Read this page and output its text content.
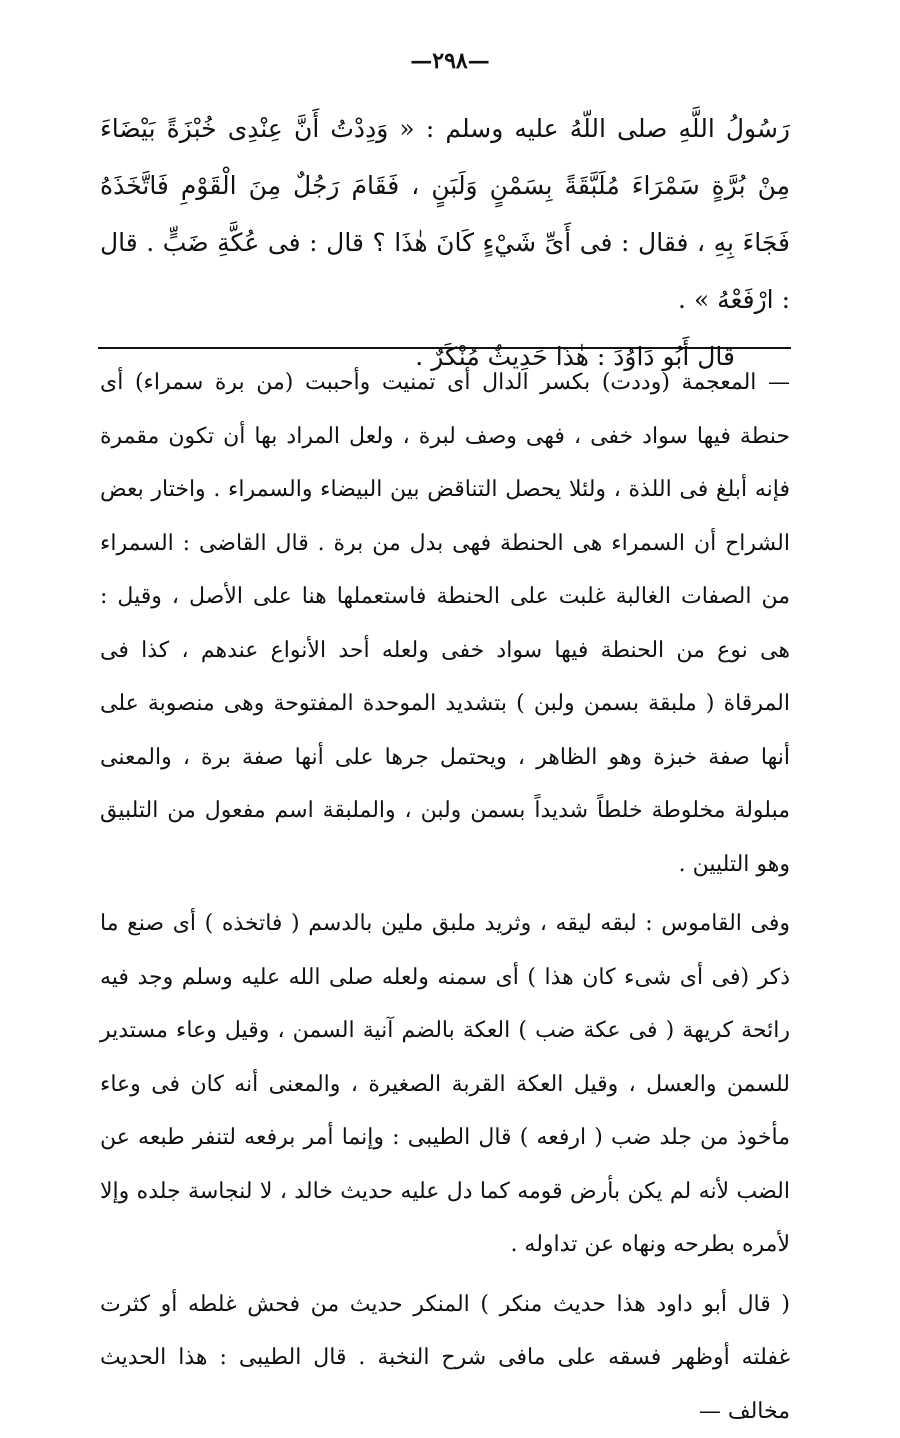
—٢٩٨—

رَسُولُ اللَّهِ صلى اللّهُ عليه وسلم : « وَدِدْتُ أَنَّ عِنْدِى خُبْزَةً بَيْضَاءَ مِنْ بُرَّةٍ سَمْرَاءَ مُلَبَّقَةً بِسَمْنٍ وَلَبَنٍ ، فَقَامَ رَجُلٌ مِنَ الْقَوْمِ فَاتَّخَذَهُ فَجَاءَ بِهِ ، فقال : فى أَىِّ شَيْءٍ كَانَ هٰذَا ؟ قال : فى عُكَّةِ ضَبٍّ . قال : ارْفَعْهُ » .

قال أَبُو دَاوُدَ : هٰذَا حَدِيثٌ مُنْكَرٌ .

— المعجمة (وددت) بكسر الدال أى تمنيت وأحببت (من برة سمراء) أى حنطة فيها سواد خفى ، فهى وصف لبرة ، ولعل المراد بها أن تكون مقمرة فإنه أبلغ فى اللذة ، ولئلا يحصل التناقض بين البيضاء والسمراء . واختار بعض الشراح أن السمراء هى الحنطة فهى بدل من برة . قال القاضى : السمراء من الصفات الغالبة غلبت على الحنطة فاستعملها هنا على الأصل ، وقيل : هى نوع من الحنطة فيها سواد خفى ولعله أحد الأنواع عندهم ، كذا فى المرقاة ( ملبقة بسمن ولبن ) بتشديد الموحدة المفتوحة وهى منصوبة على أنها صفة خبزة وهو الظاهر ، ويحتمل جرها على أنها صفة برة ، والمعنى مبلولة مخلوطة خلطاً شديداً بسمن ولبن ، والملبقة اسم مفعول من التلبيق وهو التليين .

وفى القاموس : لبقه ليقه ، وثريد ملبق ملين بالدسم ( فاتخذه ) أى صنع ما ذكر (فى أى شىء كان هذا ) أى سمنه ولعله صلى الله عليه وسلم وجد فيه رائحة كريهة ( فى عكة ضب ) العكة بالضم آنية السمن ، وقيل وعاء مستدير للسمن والعسل ، وقيل العكة القربة الصغيرة ، والمعنى أنه كان فى وعاء مأخوذ من جلد ضب ( ارفعه ) قال الطيبى : وإنما أمر برفعه لتنفر طبعه عن الضب لأنه لم يكن بأرض قومه كما دل عليه حديث خالد ، لا لنجاسة جلده وإلا لأمره بطرحه ونهاه عن تداوله .

( قال أبو داود هذا حديث منكر ) المنكر حديث من فحش غلطه أو كثرت غفلته أوظهر فسقه على مافى شرح النخبة . قال الطيبى : هذا الحديث مخالف —
